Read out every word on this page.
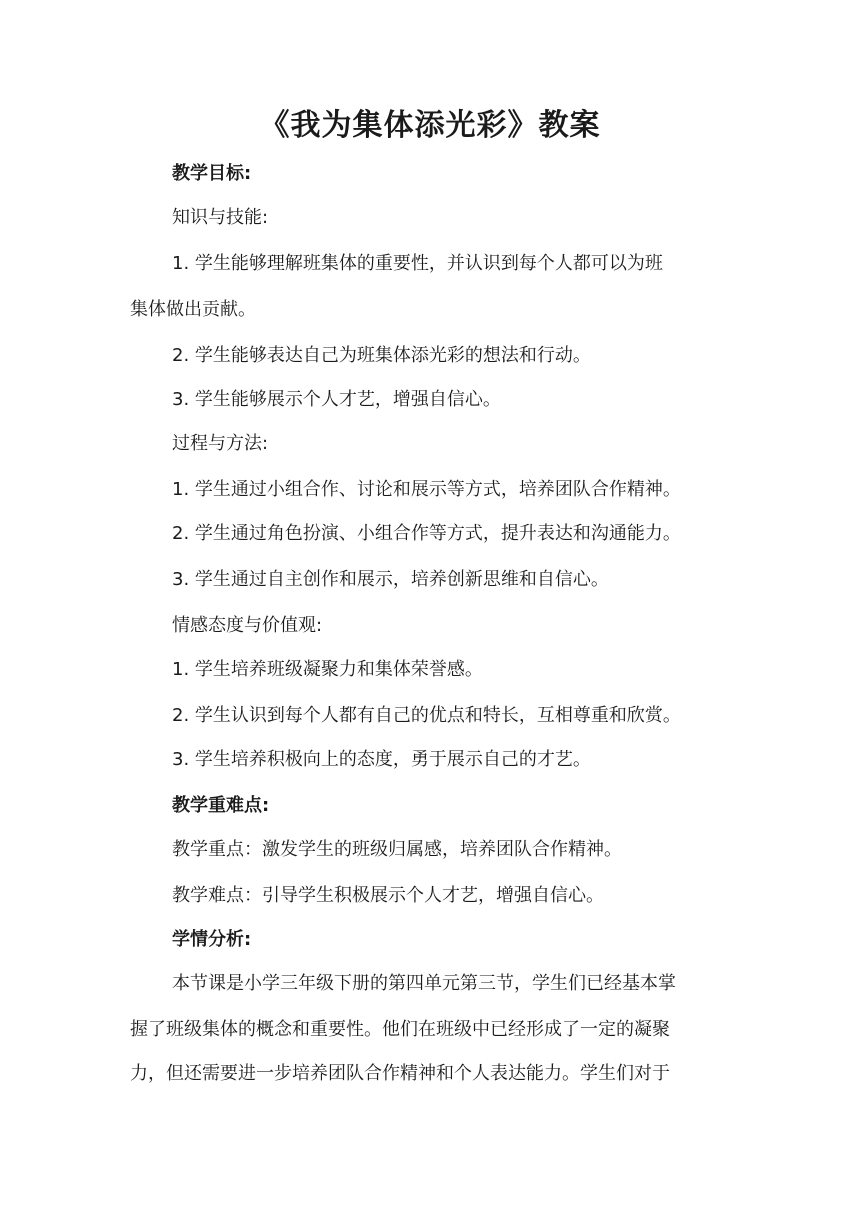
《我为集体添光彩》教案
教学目标:
知识与技能:
1. 学生能够理解班集体的重要性，并认识到每个人都可以为班
集体做出贡献。
2. 学生能够表达自己为班集体添光彩的想法和行动。
3. 学生能够展示个人才艺，增强自信心。
过程与方法:
1. 学生通过小组合作、讨论和展示等方式，培养团队合作精神。
2. 学生通过角色扮演、小组合作等方式，提升表达和沟通能力。
3. 学生通过自主创作和展示，培养创新思维和自信心。
情感态度与价值观:
1. 学生培养班级凝聚力和集体荣誉感。
2. 学生认识到每个人都有自己的优点和特长，互相尊重和欣赏。
3. 学生培养积极向上的态度，勇于展示自己的才艺。
教学重难点:
教学重点：激发学生的班级归属感，培养团队合作精神。
教学难点：引导学生积极展示个人才艺，增强自信心。
学情分析:
本节课是小学三年级下册的第四单元第三节，学生们已经基本掌
握了班级集体的概念和重要性。他们在班级中已经形成了一定的凝聚
力，但还需要进一步培养团队合作精神和个人表达能力。学生们对于
